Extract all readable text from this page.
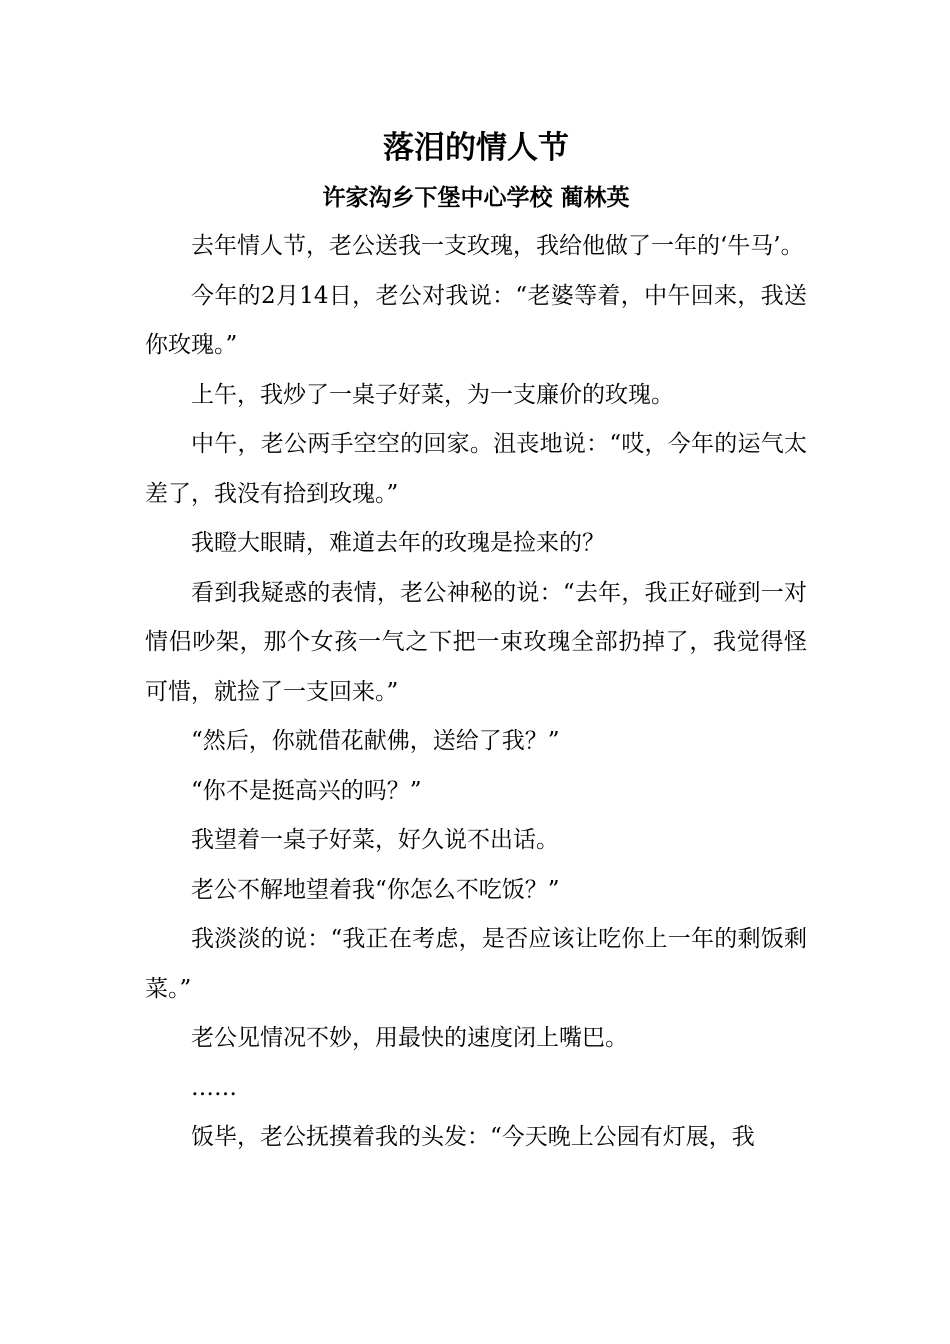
落泪的情人节
许家沟乡下堡中心学校 蔺林英

去年情人节，老公送我一支玫瑰，我给他做了一年的‘牛马’。

今年的2月14日，老公对我说：“老婆等着，中午回来，我送你玫瑰。”

上午，我炒了一桌子好菜，为一支廉价的玫瑰。

中午，老公两手空空的回家。沮丧地说：“哎，今年的运气太差了，我没有拾到玫瑰。”

我瞪大眼睛，难道去年的玫瑰是捡来的？

看到我疑惑的表情，老公神秘的说：“去年，我正好碰到一对情侣吵架，那个女孩一气之下把一束玫瑰全部扔掉了，我觉得怪可惜，就捡了一支回来。”

“然后，你就借花献佛，送给了我？”

“你不是挺高兴的吗？”

我望着一桌子好菜，好久说不出话。

老公不解地望着我“你怎么不吃饭？”

我淡淡的说：“我正在考虑，是否应该让吃你上一年的剩饭剩菜。”

老公见情况不妙，用最快的速度闭上嘴巴。

……

饭毕，老公抚摸着我的头发：“今天晚上公园有灯展，我
